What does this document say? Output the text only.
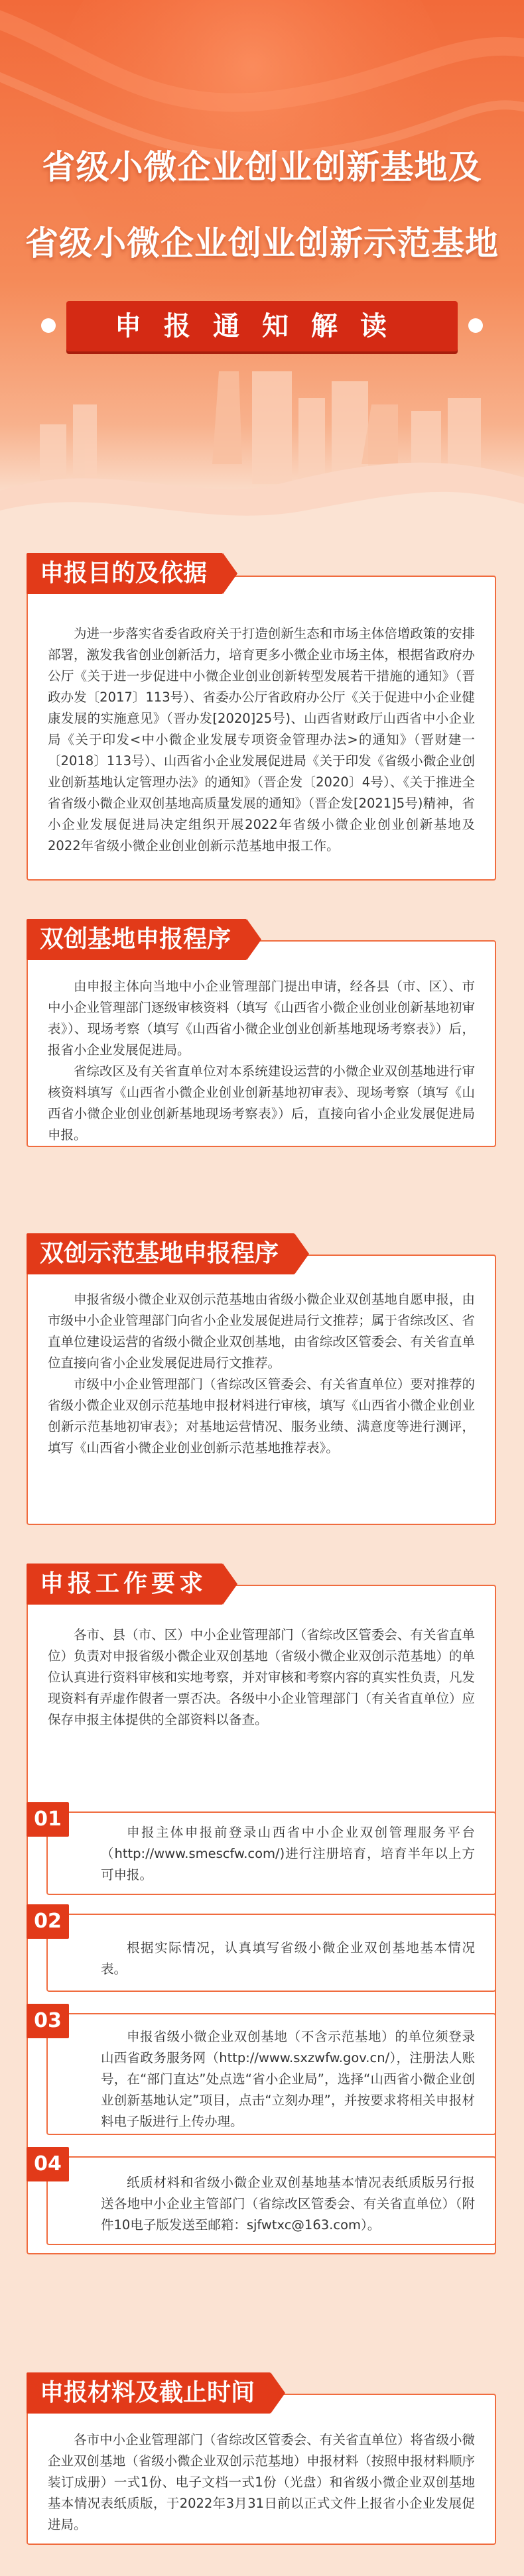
省级小微企业创业创新基地及
省级小微企业创业创新示范基地
申报通知解读

为进一步落实省委省政府关于打造创新生态和市场主体倍增政策的安排部署，激发我省创业创新活力，培育更多小微企业市场主体，根据省政府办公厅《关于进一步促进中小微企业创业创新转型发展若干措施的通知》（晋政办发〔2017〕113号）、省委办公厅省政府办公厅《关于促进中小企业健康发展的实施意见》（晋办发[2020]25号)、山西省财政厅山西省中小企业局《关于印发<中小微企业发展专项资金管理办法>的通知》（晋财建一〔2018〕113号）、山西省小企业发展促进局《关于印发《省级小微企业创业创新基地认定管理办法》的通知》（晋企发〔2020〕4号）、《关于推进全省省级小微企业双创基地高质量发展的通知》（晋企发[2021]5号)精神，省小企业发展促进局决定组织开展2022年省级小微企业创业创新基地及2022年省级小微企业创业创新示范基地申报工作。

申报目的及依据

由申报主体向当地中小企业管理部门提出申请，经各县（市、区）、市中小企业管理部门逐级审核资料（填写《山西省小微企业创业创新基地初审表》）、现场考察（填写《山西省小微企业创业创新基地现场考察表》）后，报省小企业发展促进局。

省综改区及有关省直单位对本系统建设运营的小微企业双创基地进行审核资料填写《山西省小微企业创业创新基地初审表》、现场考察（填写《山西省小微企业创业创新基地现场考察表》）后，直接向省小企业发展促进局申报。

双创基地申报程序

申报省级小微企业双创示范基地由省级小微企业双创基地自愿申报，由市级中小企业管理部门向省小企业发展促进局行文推荐；属于省综改区、省直单位建设运营的省级小微企业双创基地，由省综改区管委会、有关省直单位直接向省小企业发展促进局行文推荐。

市级中小企业管理部门（省综改区管委会、有关省直单位）要对推荐的省级小微企业双创示范基地申报材料进行审核，填写《山西省小微企业创业创新示范基地初审表》；对基地运营情况、服务业绩、满意度等进行测评，填写《山西省小微企业创业创新示范基地推荐表》。

双创示范基地申报程序

各市、县（市、区）中小企业管理部门（省综改区管委会、有关省直单位）负责对申报省级小微企业双创基地（省级小微企业双创示范基地）的单位认真进行资料审核和实地考察，并对审核和考察内容的真实性负责，凡发现资料有弄虚作假者一票否决。各级中小企业管理部门（有关省直单位）应保存申报主体提供的全部资料以备查。

申报工作要求

申报主体申报前登录山西省中小企业双创管理服务平台（http://www.smescfw.com/)进行注册培育，培育半年以上方可申报。

01

根据实际情况，认真填写省级小微企业双创基地基本情况表。

02

申报省级小微企业双创基地（不含示范基地）的单位须登录山西省政务服务网（http://www.sxzwfw.gov.cn/），注册法人账号，在“部门直达”处点选“省小企业局”，选择“山西省小微企业创业创新基地认定”项目，点击“立刻办理”，并按要求将相关申报材料电子版进行上传办理。

03

纸质材料和省级小微企业双创基地基本情况表纸质版另行报送各地中小企业主管部门（省综改区管委会、有关省直单位）（附件10电子版发送至邮箱：sjfwtxc@163.com）。

04

各市中小企业管理部门（省综改区管委会、有关省直单位）将省级小微企业双创基地（省级小微企业双创示范基地）申报材料（按照申报材料顺序装订成册）一式1份、电子文档一式1份（光盘）和省级小微企业双创基地基本情况表纸质版，于2022年3月31日前以正式文件上报省小企业发展促进局。

申报材料及截止时间
